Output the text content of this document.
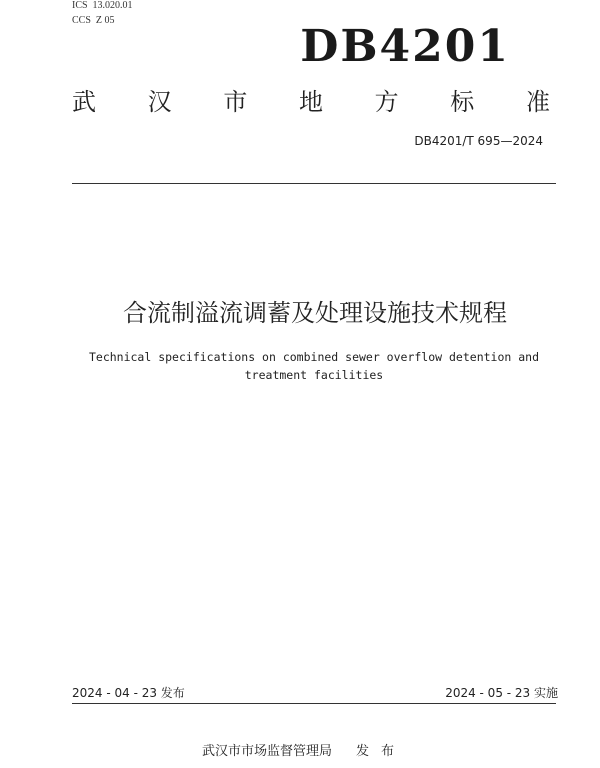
ICS  13.020.01
CCS  Z 05
DB4201
武 汉 市 地 方 标 准
DB4201/T 695—2024
合流制溢流调蓄及处理设施技术规程
Technical specifications on combined sewer overflow detention and
treatment facilities
2024 - 04 - 23 发布	2024 - 05 - 23 实施
武汉市市场监督管理局 发布
